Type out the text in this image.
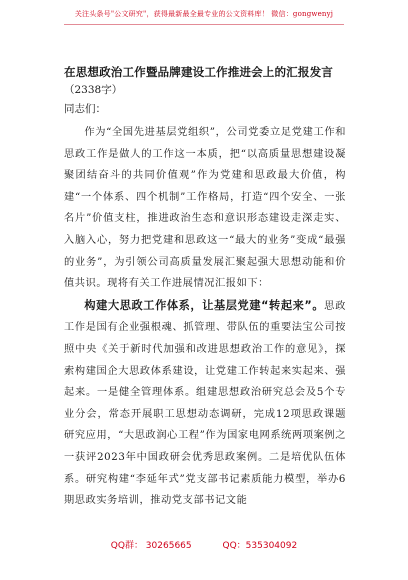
关注头条号"公文研究"，获得最新最全最专业的公文资料库！ 微信：gongwenyj

在思想政治工作暨品牌建设工作推进会上的汇报发言

（2338字）

同志们：

作为“全国先进基层党组织”，公司党委立足党建工作和思政工作是做人的工作这一本质，把“以高质量思想建设凝聚团结奋斗的共同价值观”作为党建和思政最大价值，构建“一个体系、四个机制”工作格局，打造“四个安全、一张名片”价值支柱，推进政治生态和意识形态建设走深走实、入脑入心，努力把党建和思政这一“最大的业务”变成“最强的业务”，为引领公司高质量发展汇聚起强大思想动能和价值共识。现将有关工作进展情况汇报如下：

构建大思政工作体系，让基层党建“转起来”。思政工作是国有企业强根魂、抓管理、带队伍的重要法宝公司按照中央《关于新时代加强和改进思想政治工作的意见》，探索构建国企大思政体系建设，让党建工作转起来实起来、强起来。一是健全管理体系。组建思想政治研究总会及5个专业分会，常态开展职工思想动态调研，完成12项思政课题研究应用，“大思政润心工程”作为国家电网系统两项案例之一获评2023年中国政研会优秀思政案例。二是培优队伍体系。研究构建“李延年式”党支部书记素质能力模型，举办6期思政实务培训，推动党支部书记文能

QQ群： 30265665	QQ：535304092
